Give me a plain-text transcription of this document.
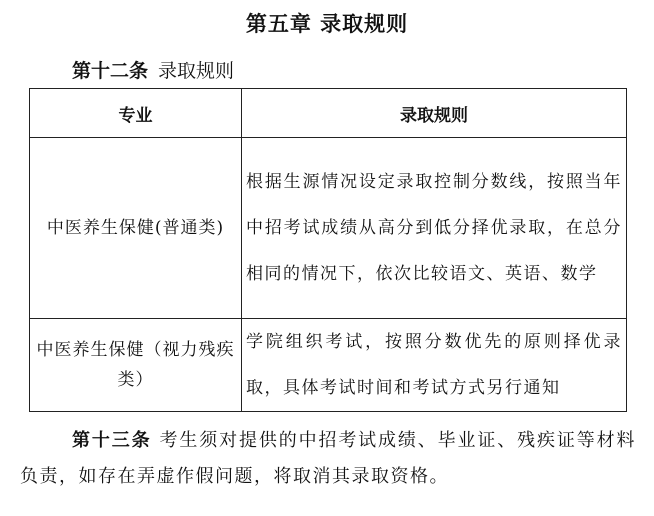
第五章 录取规则
第十二条 录取规则
专业	录取规则
中医养生保健(普通类)	根据生源情况设定录取控制分数线，按照当年中招考试成绩从高分到低分择优录取，在总分相同的情况下，依次比较语文、英语、数学
中医养生保健（视力残疾类）	学院组织考试，按照分数优先的原则择优录取，具体考试时间和考试方式另行通知
第十三条 考生须对提供的中招考试成绩、毕业证、残疾证等材料负责，如存在弄虚作假问题，将取消其录取资格。
